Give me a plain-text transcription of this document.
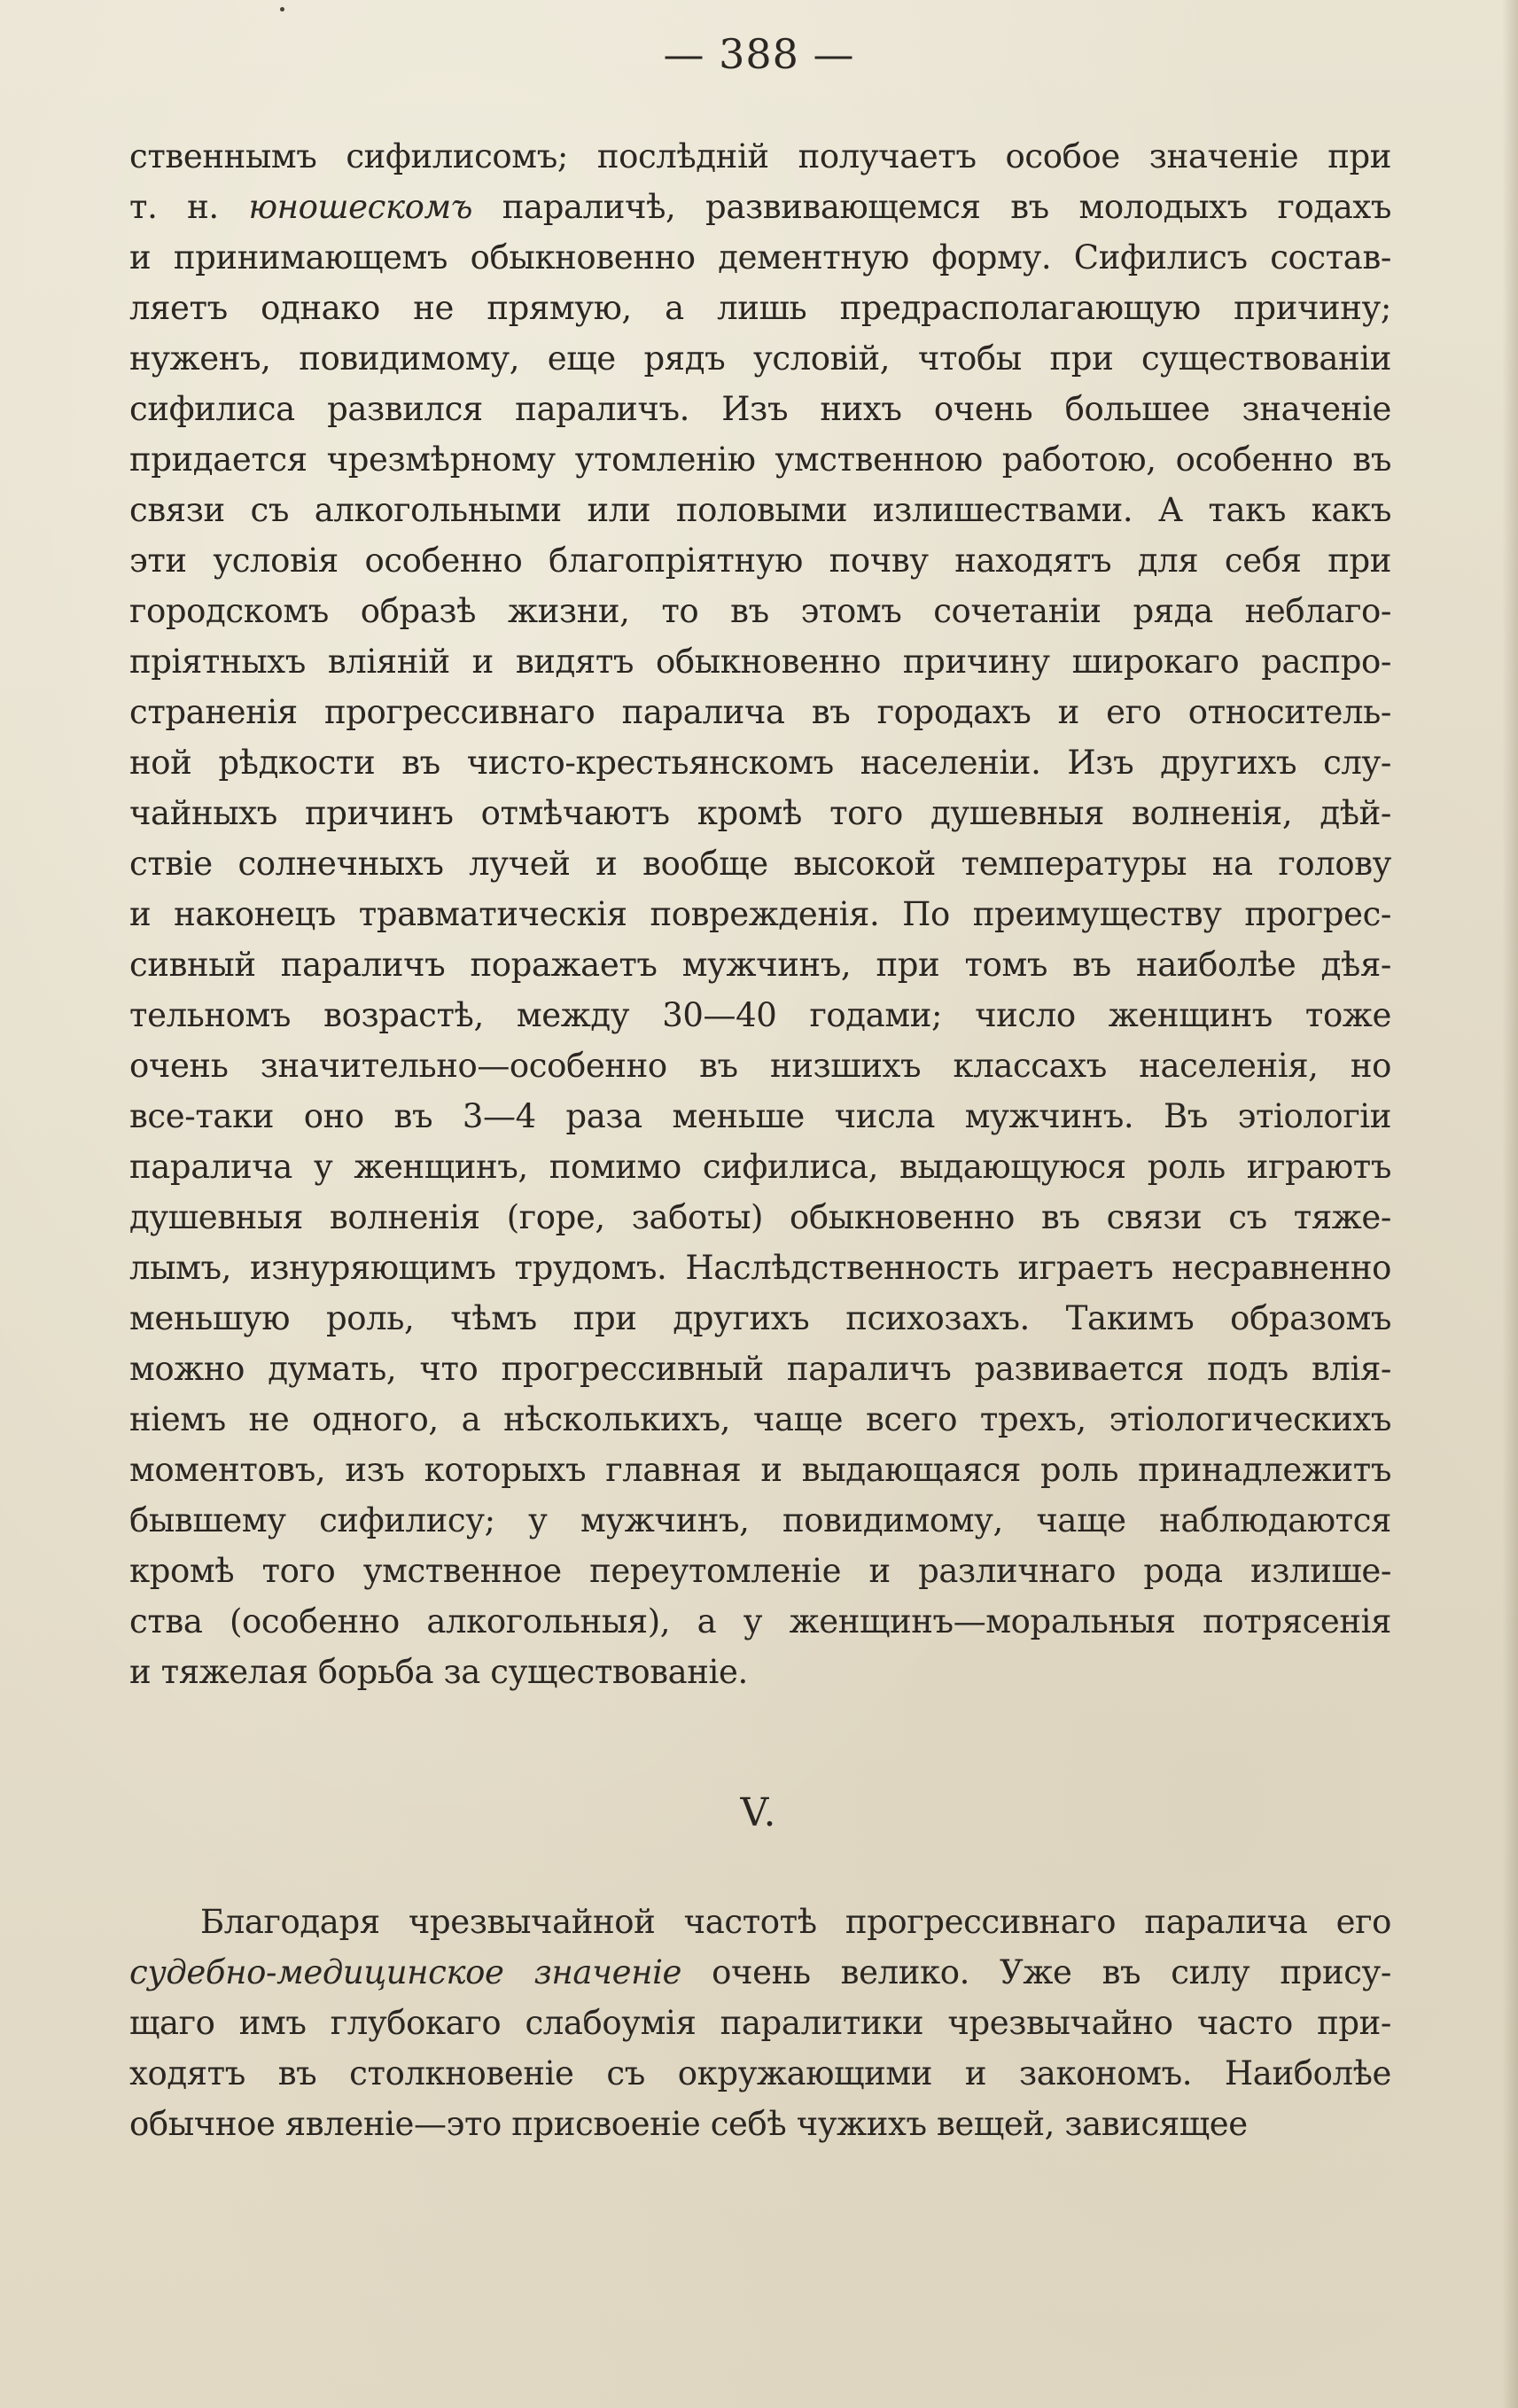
— 388 —
ственнымъ сифилисомъ; послѣдній получаетъ особое значеніе при
т. н. юношескомъ параличѣ, развивающемся въ молодыхъ годахъ
и принимающемъ обыкновенно дементную форму. Сифилисъ состав-
ляетъ однако не прямую, а лишь предрасполагающую причину;
нуженъ, повидимому, еще рядъ условій, чтобы при существованіи
сифилиса развился параличъ. Изъ нихъ очень большее значеніе
придается чрезмѣрному утомленію умственною работою, особенно въ
связи съ алкогольными или половыми излишествами. А такъ какъ
эти условія особенно благопріятную почву находятъ для себя при
городскомъ образѣ жизни, то въ этомъ сочетаніи ряда неблаго-
пріятныхъ вліяній и видятъ обыкновенно причину широкаго распро-
страненія прогрессивнаго паралича въ городахъ и его относитель-
ной рѣдкости въ чисто-крестьянскомъ населеніи. Изъ другихъ слу-
чайныхъ причинъ отмѣчаютъ кромѣ того душевныя волненія, дѣй-
ствіе солнечныхъ лучей и вообще высокой температуры на голову
и наконецъ травматическія поврежденія. По преимуществу прогрес-
сивный параличъ поражаетъ мужчинъ, при томъ въ наиболѣе дѣя-
тельномъ возрастѣ, между 30—40 годами; число женщинъ тоже
очень значительно—особенно въ низшихъ классахъ населенія, но
все-таки оно въ 3—4 раза меньше числа мужчинъ. Въ этіологіи
паралича у женщинъ, помимо сифилиса, выдающуюся роль играютъ
душевныя волненія (горе, заботы) обыкновенно въ связи съ тяже-
лымъ, изнуряющимъ трудомъ. Наслѣдственность играетъ несравненно
меньшую роль, чѣмъ при другихъ психозахъ. Такимъ образомъ
можно думать, что прогрессивный параличъ развивается подъ влія-
ніемъ не одного, а нѣсколькихъ, чаще всего трехъ, этіологическихъ
моментовъ, изъ которыхъ главная и выдающаяся роль принадлежитъ
бывшему сифилису; у мужчинъ, повидимому, чаще наблюдаются
кромѣ того умственное переутомленіе и различнаго рода излише-
ства (особенно алкогольныя), а у женщинъ—моральныя потрясенія
и тяжелая борьба за существованіе.
V.
Благодаря чрезвычайной частотѣ прогрессивнаго паралича его
судебно-медицинское значеніе очень велико. Уже въ силу прису-
щаго имъ глубокаго слабоумія паралитики чрезвычайно часто при-
ходятъ въ столкновеніе съ окружающими и закономъ. Наиболѣе
обычное явленіе—это присвоеніе себѣ чужихъ вещей, зависящее
